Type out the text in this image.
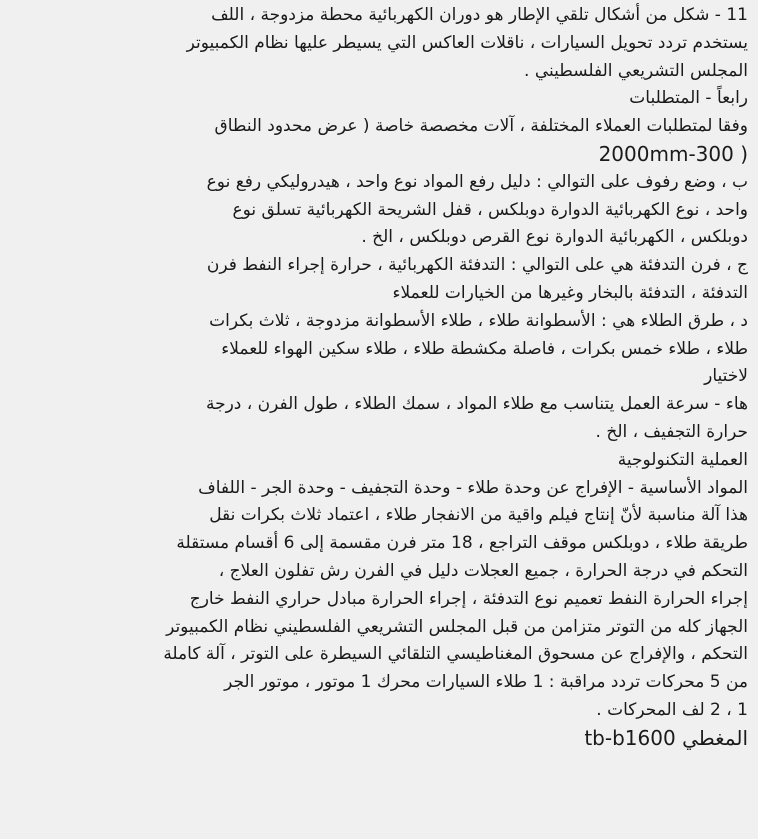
11 - شكل من أشكال تلقي الإطار هو دوران الكهربائية محطة مزدوجة ، اللف
يستخدم تردد تحويل السيارات ، ناقلات العاكس التي يسيطر عليها نظام الكمبيوتر
المجلس التشريعي الفلسطيني .
رابعاً - المتطلبات
وفقا لمتطلبات العملاء المختلفة ، آلات مخصصة خاصة ( عرض محدود النطاق
2000mm-300 )
ب ، وضع رفوف على التوالي : دليل رفع المواد نوع واحد ، هيدروليكي رفع نوع
واحد ، نوع الكهربائية الدوارة دوبلكس ، قفل الشريحة الكهربائية تسلق نوع
دوبلكس ، الكهربائية الدوارة نوع القرص دوبلكس ، الخ .
ج ، فرن التدفئة هي على التوالي : التدفئة الكهربائية ، حرارة إجراء النفط فرن
التدفئة ، التدفئة بالبخار وغيرها من الخيارات للعملاء
د ، طرق الطلاء هي : الأسطوانة طلاء ، طلاء الأسطوانة مزدوجة ، ثلاث بكرات
طلاء ، طلاء خمس بكرات ، فاصلة مكشطة طلاء ، طلاء سكين الهواء للعملاء
لاختيار
هاء - سرعة العمل يتناسب مع طلاء المواد ، سمك الطلاء ، طول الفرن ، درجة
حرارة التجفيف ، الخ .
العملية التكنولوجية
المواد الأساسية - الإفراج عن وحدة طلاء - وحدة التجفيف - وحدة الجر - اللفاف
هذا آلة مناسبة لأنّ إنتاج فيلم واقية من الانفجار طلاء ، اعتماد ثلاث بكرات نقل
طريقة طلاء ، دوبلكس موقف التراجع ، 18 متر فرن مقسمة إلى 6 أقسام مستقلة
التحكم في درجة الحرارة ، جميع العجلات دليل في الفرن رش تفلون العلاج ،
إجراء الحرارة النفط تعميم نوع التدفئة ، إجراء الحرارة مبادل حراري النفط خارج
الجهاز كله من التوتر متزامن من قبل المجلس التشريعي الفلسطيني نظام الكمبيوتر
التحكم ، والإفراج عن مسحوق المغناطيسي التلقائي السيطرة على التوتر ، آلة كاملة
من 5 محركات تردد مراقبة : 1 طلاء السيارات محرك 1 موتور ، موتور الجر
1 ، 2 لف المحركات .
tb-b1600 المغطي
